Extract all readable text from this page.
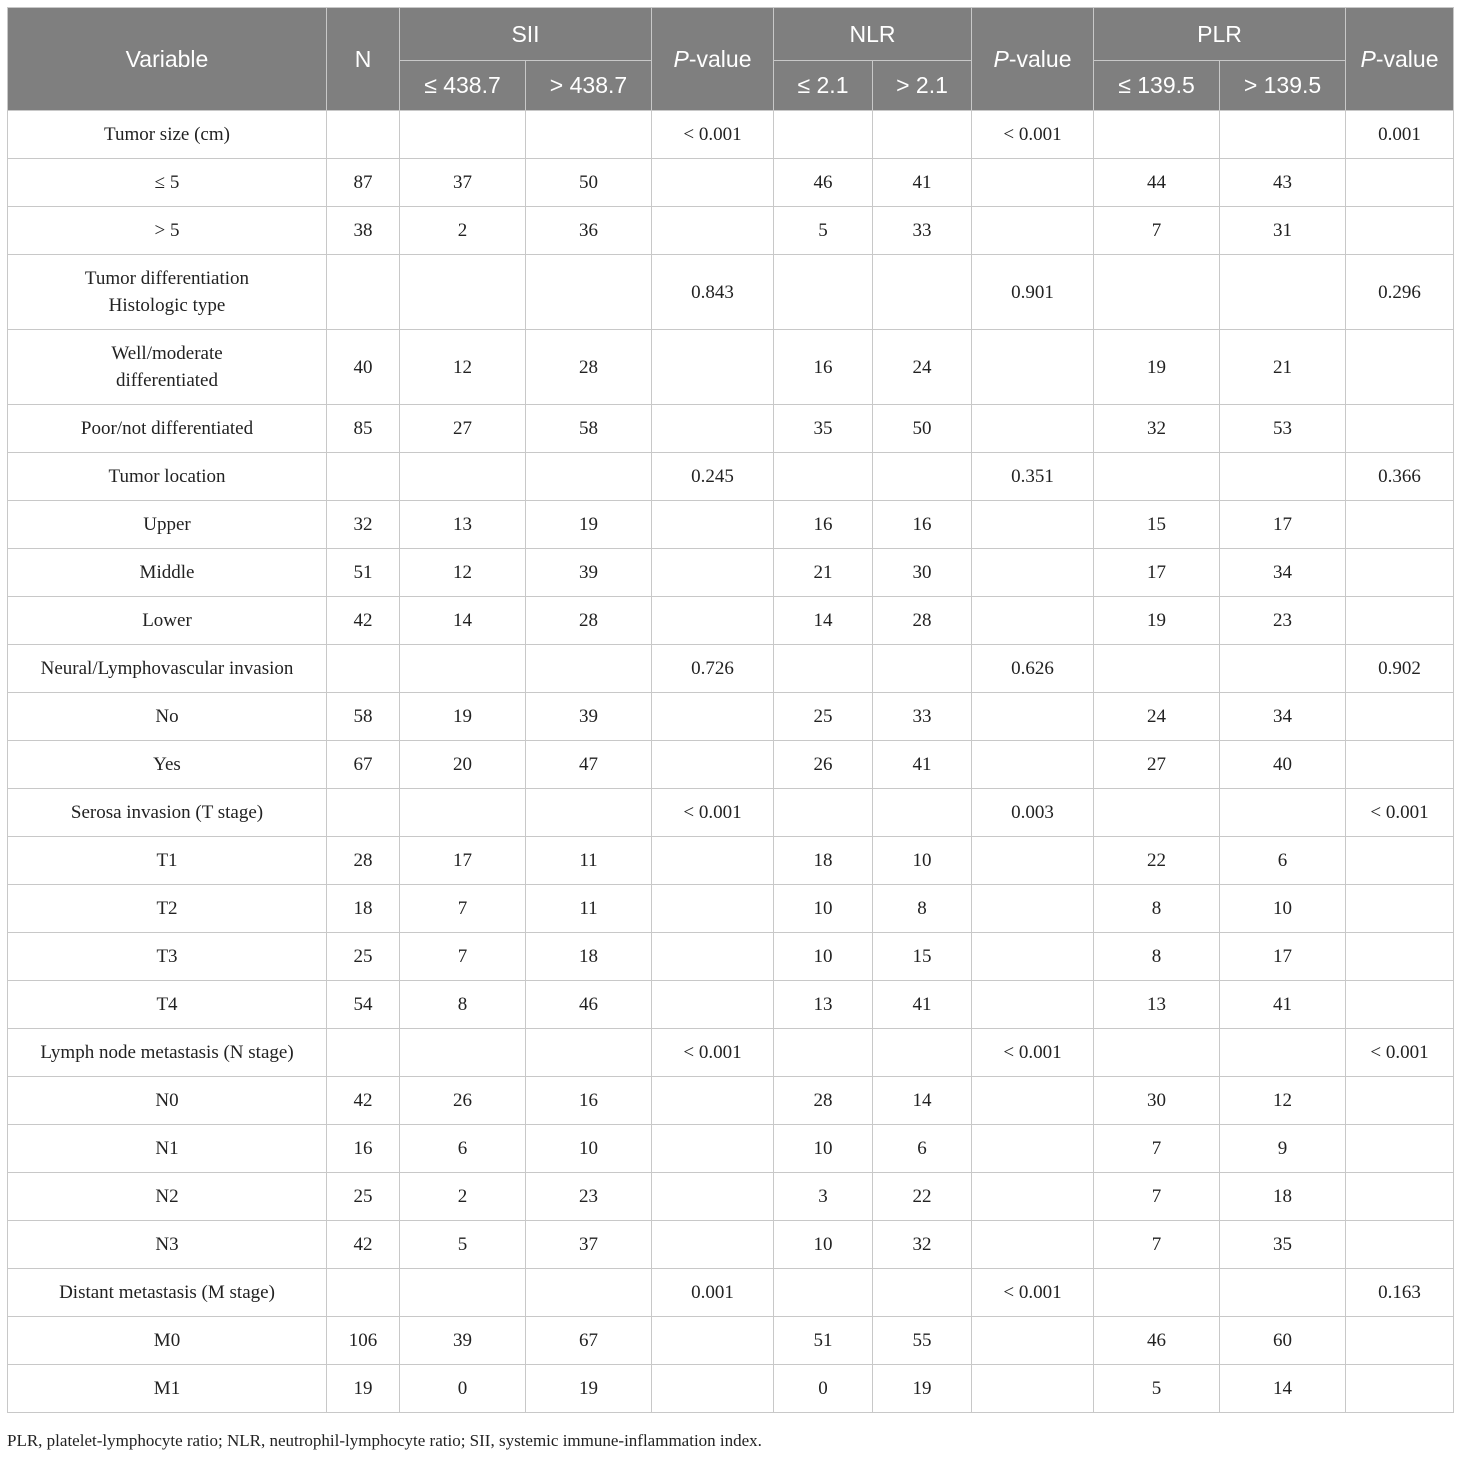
Variable	N	SII		P-value	NLR		P-value	PLR		P-value
		≤ 438.7	> 438.7		≤ 2.1	> 2.1		≤ 139.5	> 139.5	
Tumor size (cm)				< 0.001			< 0.001			0.001
≤ 5	87	37	50		46	41		44	43	
> 5	38	2	36		5	33		7	31	
Tumor differentiation
Histologic type				0.843			0.901			0.296
Well/moderate
differentiated	40	12	28		16	24		19	21	
Poor/not differentiated	85	27	58		35	50		32	53	
Tumor location				0.245			0.351			0.366
Upper	32	13	19		16	16		15	17	
Middle	51	12	39		21	30		17	34	
Lower	42	14	28		14	28		19	23	
Neural/Lymphovascular invasion				0.726			0.626			0.902
No	58	19	39		25	33		24	34	
Yes	67	20	47		26	41		27	40	
Serosa invasion (T stage)				< 0.001			0.003			< 0.001
T1	28	17	11		18	10		22	6	
T2	18	7	11		10	8		8	10	
T3	25	7	18		10	15		8	17	
T4	54	8	46		13	41		13	41	
Lymph node metastasis (N stage)				< 0.001			< 0.001			< 0.001
N0	42	26	16		28	14		30	12	
N1	16	6	10		10	6		7	9	
N2	25	2	23		3	22		7	18	
N3	42	5	37		10	32		7	35	
Distant metastasis (M stage)				0.001			< 0.001			0.163
M0	106	39	67		51	55		46	60	
M1	19	0	19		0	19		5	14	
PLR, platelet-lymphocyte ratio; NLR, neutrophil-lymphocyte ratio; SII, systemic immune-inflammation index.
